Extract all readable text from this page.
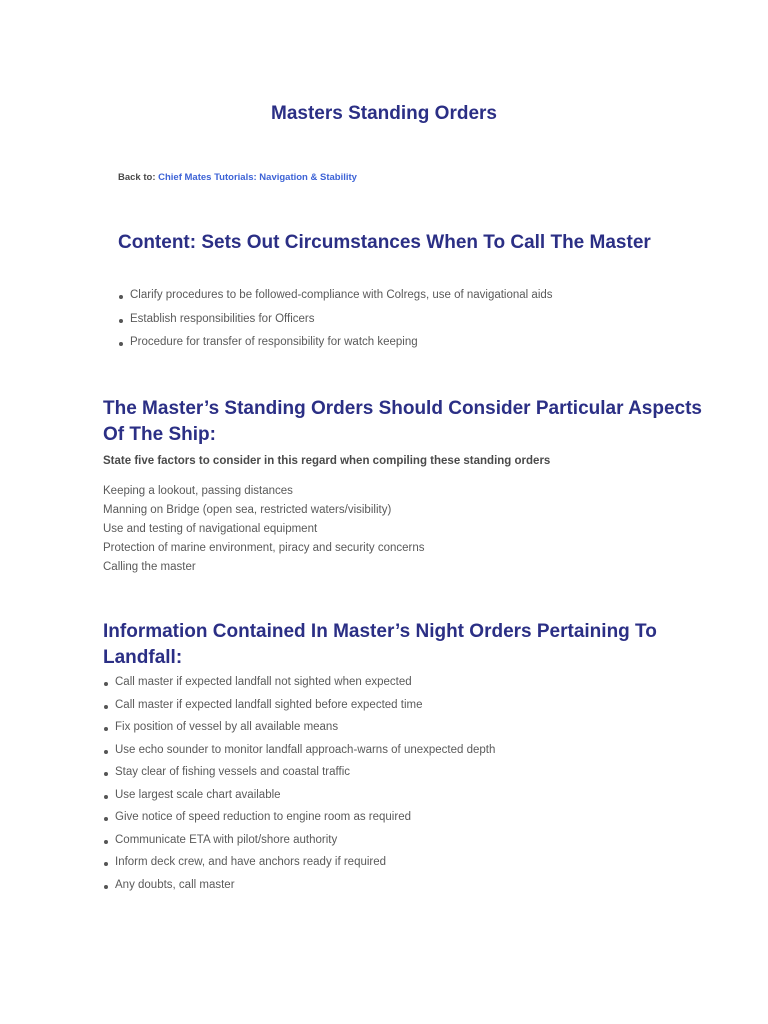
Masters Standing Orders
Back to: Chief Mates Tutorials: Navigation & Stability
Content: Sets Out Circumstances When To Call The Master
Clarify procedures to be followed-compliance with Colregs, use of navigational aids
Establish responsibilities for Officers
Procedure for transfer of responsibility for watch keeping
The Master’s Standing Orders Should Consider Particular Aspects Of The Ship:

State five factors to consider in this regard when compiling these standing orders

Keeping a lookout, passing distances
Manning on Bridge (open sea, restricted waters/visibility)
Use and testing of navigational equipment
Protection of marine environment, piracy and security concerns
Calling the master
Information Contained In Master’s Night Orders Pertaining To Landfall:
Call master if expected landfall not sighted when expected
Call master if expected landfall sighted before expected time
Fix position of vessel by all available means
Use echo sounder to monitor landfall approach-warns of unexpected depth
Stay clear of fishing vessels and coastal traffic
Use largest scale chart available
Give notice of speed reduction to engine room as required
Communicate ETA with pilot/shore authority
Inform deck crew, and have anchors ready if required
Any doubts, call master
